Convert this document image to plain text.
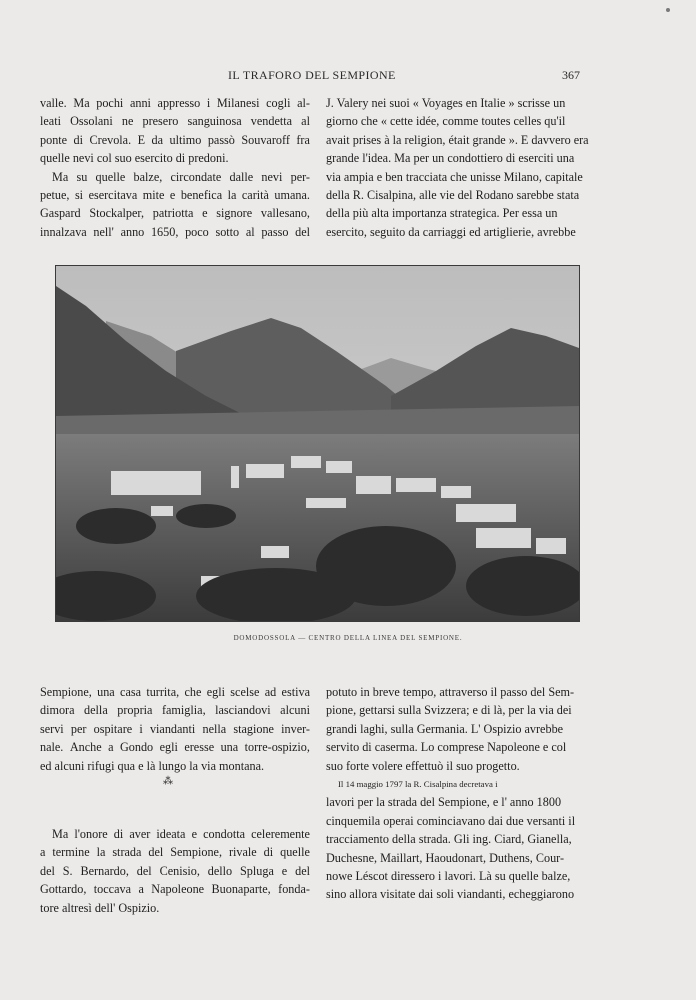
IL TRAFORO DEL SEMPIONE	367

valle. Ma pochi anni appresso i Milanesi cogli al-

leati Ossolani ne presero sanguinosa vendetta al

ponte di Crevola. E da ultimo passò Souvaroff fra

quelle nevi col suo esercito di predoni.

Ma su quelle balze, circondate dalle nevi per-

petue, si esercitava mite e benefica la carità umana.

Gaspard Stockalper, patriotta e signore vallesano,

innalzava nell' anno 1650, poco sotto al passo del

J. Valery nei suoi « Voyages en Italie » scrisse un

giorno che « cette idée, comme toutes celles qu'il

avait prises à la religion, était grande ». E davvero era

grande l'idea. Ma per un condottiero di eserciti una

via ampia e ben tracciata che unisse Milano, capitale

della R. Cisalpina, alle vie del Rodano sarebbe stata

della più alta importanza strategica. Per essa un

esercito, seguito da carriaggi ed artiglierie, avrebbe

DOMODOSSOLA — CENTRO DELLA LINEA DEL SEMPIONE.

Sempione, una casa turrita, che egli scelse ad estiva

dimora della propria famiglia, lasciandovi alcuni

servi per ospitare i viandanti nella stagione inver-

nale. Anche a Gondo egli eresse una torre-ospizio,

ed alcuni rifugi qua e là lungo la via montana.

Ma l'onore di aver ideata e condotta celeremente

a termine la strada del Sempione, rivale di quelle

del S. Bernardo, del Cenisio, dello Spluga e del

Gottardo, toccava a Napoleone Buonaparte, fonda-

tore altresì dell' Ospizio.

⁂

potuto in breve tempo, attraverso il passo del Sem-

pione, gettarsi sulla Svizzera; e di là, per la via dei

grandi laghi, sulla Germania. L' Ospizio avrebbe

servito di caserma. Lo comprese Napoleone e col

suo forte volere effettuò il suo progetto.

Il 14 maggio 1797 la R. Cisalpina decretava i

lavori per la strada del Sempione, e l' anno 1800

cinquemila operai cominciavano dai due versanti il

tracciamento della strada. Gli ing. Ciard, Gianella,

Duchesne, Maillart, Haoudonart, Duthens, Cour-

nowe Léscot diressero i lavori. Là su quelle balze,

sino allora visitate dai soli viandanti, echeggiarono
